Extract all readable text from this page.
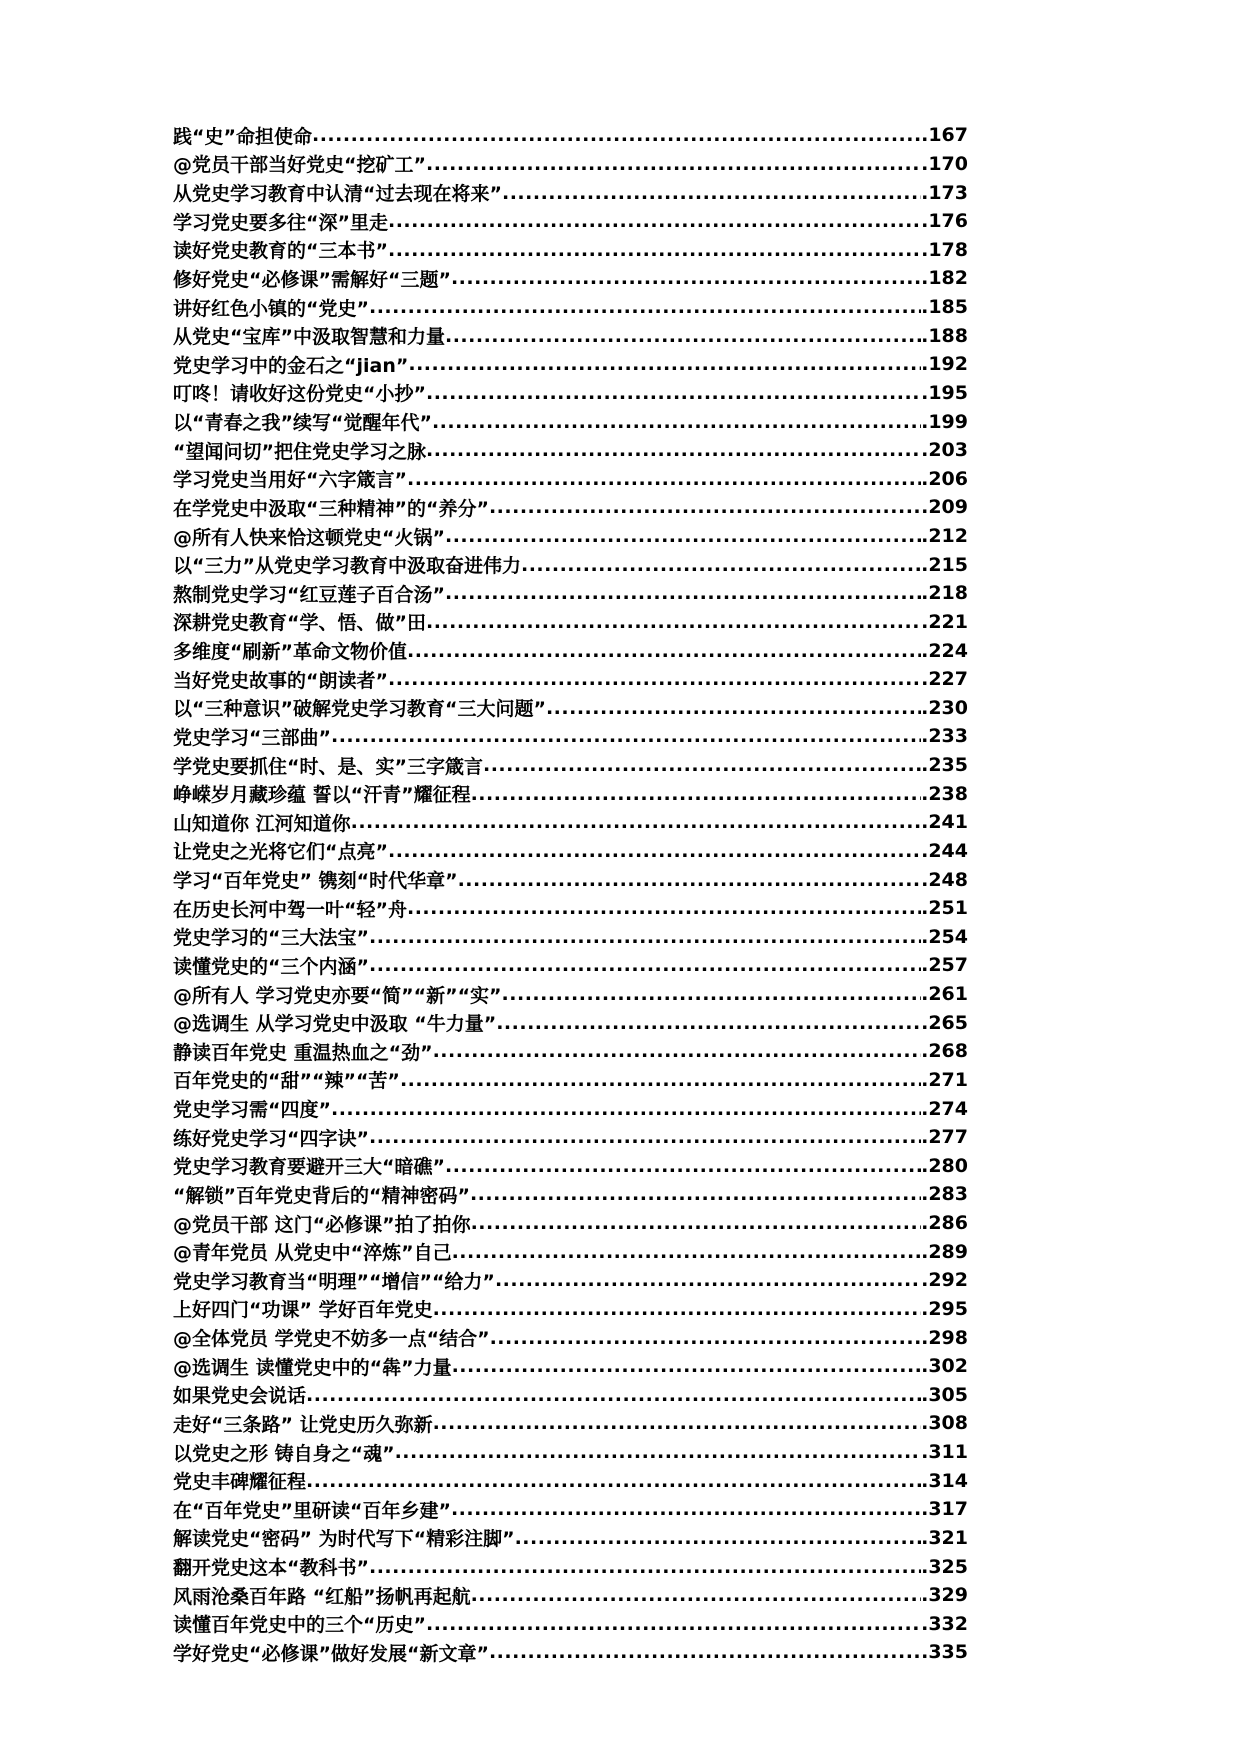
践“史”命担使命 .....	.167
@党员干部当好党史“挖矿工” .....	.170
从党史学习教育中认清“过去现在将来” .....	.173
学习党史要多往“深”里走 .....	.176
读好党史教育的“三本书” .....	.178
修好党史“必修课”需解好“三题” .....	.182
讲好红色小镇的“党史” .....	.185
从党史“宝库”中汲取智慧和力量 .....	.188
党史学习中的金石之“jian” .....	.192
叮咚！请收好这份党史“小抄” .....	.195
以“青春之我”续写“觉醒年代” .....	.199
“望闻问切”把住党史学习之脉 .....	.203
学习党史当用好“六字箴言” .....	.206
在学党史中汲取“三种精神”的“养分” .....	.209
@所有人快来恰这顿党史“火锅” .....	.212
以“三力”从党史学习教育中汲取奋进伟力 .....	.215
熬制党史学习“红豆莲子百合汤” .....	.218
深耕党史教育“学、悟、做”田 .....	.221
多维度“刷新”革命文物价值 .....	.224
当好党史故事的“朗读者” .....	.227
以“三种意识”破解党史学习教育“三大问题” .....	.230
党史学习“三部曲” .....	.233
学党史要抓住“时、是、实”三字箴言 .....	.235
峥嵘岁月藏珍蕴 誓以“汗青”耀征程 .....	.238
山知道你 江河知道你 .....	.241
让党史之光将它们“点亮” .....	.244
学习“百年党史” 镌刻“时代华章” .....	.248
在历史长河中驾一叶“轻”舟 .....	.251
党史学习的“三大法宝” .....	.254
读懂党史的“三个内涵” .....	.257
@所有人 学习党史亦要“简”“新”“实” .....	.261
@选调生 从学习党史中汲取 “牛力量” .....	.265
静读百年党史 重温热血之“劲” .....	.268
百年党史的“甜”“辣”“苦” .....	.271
党史学习需“四度” .....	.274
练好党史学习“四字诀” .....	.277
党史学习教育要避开三大“暗礁” .....	.280
“解锁”百年党史背后的“精神密码” .....	.283
@党员干部 这门“必修课”拍了拍你 .....	.286
@青年党员 从党史中“淬炼”自己 .....	.289
党史学习教育当“明理”“增信”“给力” .....	.292
上好四门“功课” 学好百年党史 .....	.295
@全体党员 学党史不妨多一点“结合” .....	.298
@选调生 读懂党史中的“犇”力量 .....	.302
如果党史会说话 .....	.305
走好“三条路” 让党史历久弥新 .....	.308
以党史之形 铸自身之“魂” .....	.311
党史丰碑耀征程 .....	.314
在“百年党史”里研读“百年乡建” .....	.317
解读党史“密码” 为时代写下“精彩注脚” .....	.321
翻开党史这本“教科书” .....	.325
风雨沧桑百年路 “红船”扬帆再起航 .....	.329
读懂百年党史中的三个“历史” .....	.332
学好党史“必修课”做好发展“新文章” .....	.335
